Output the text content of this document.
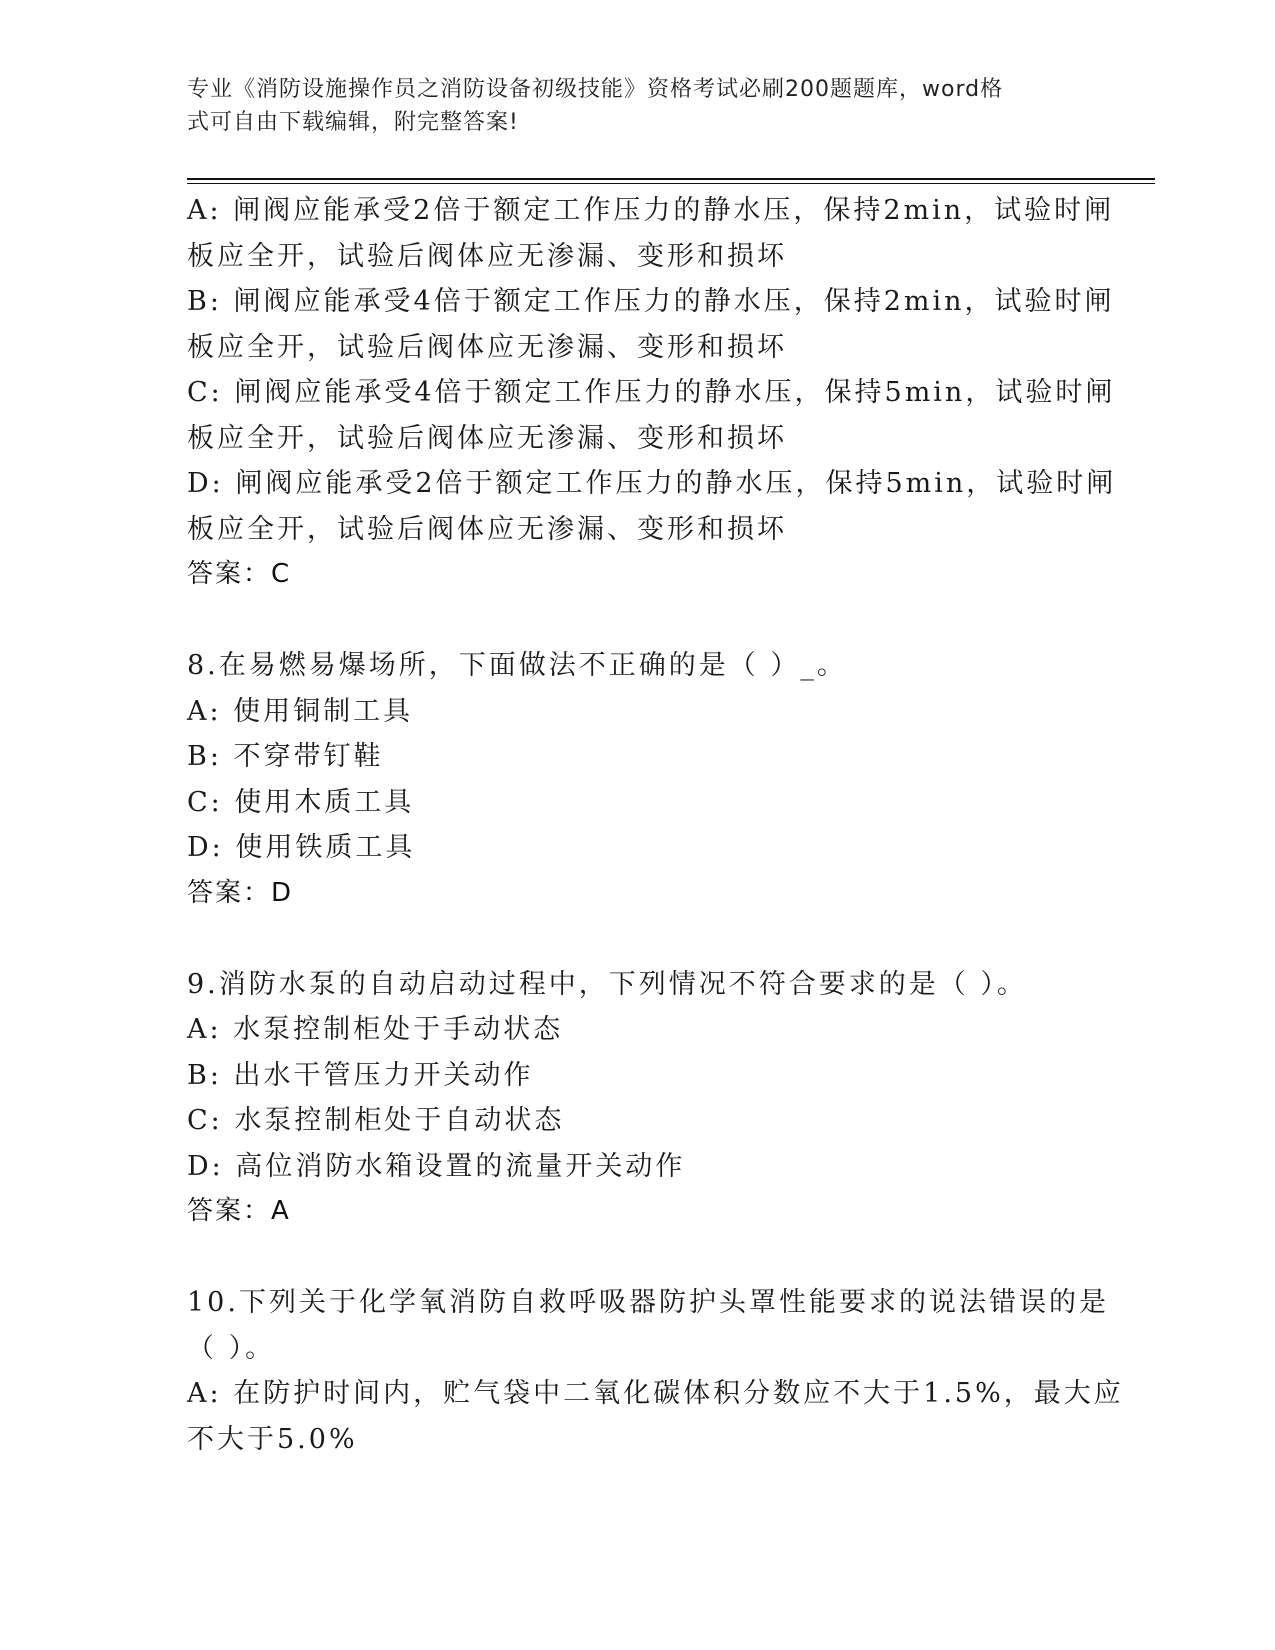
专业《消防设施操作员之消防设备初级技能》资格考试必刷200题题库，word格
式可自由下载编辑，附完整答案!
A: 闸阀应能承受2倍于额定工作压力的静水压，保持2min，试验时闸
板应全开，试验后阀体应无渗漏、变形和损坏
B: 闸阀应能承受4倍于额定工作压力的静水压，保持2min，试验时闸
板应全开，试验后阀体应无渗漏、变形和损坏
C: 闸阀应能承受4倍于额定工作压力的静水压，保持5min，试验时闸
板应全开，试验后阀体应无渗漏、变形和损坏
D: 闸阀应能承受2倍于额定工作压力的静水压，保持5min，试验时闸
板应全开，试验后阀体应无渗漏、变形和损坏
答案：C
8.在易燃易爆场所，下面做法不正确的是（ ）_。
A: 使用铜制工具
B: 不穿带钉鞋
C: 使用木质工具
D: 使用铁质工具
答案：D
9.消防水泵的自动启动过程中，下列情况不符合要求的是（ ）。
A: 水泵控制柜处于手动状态
B: 出水干管压力开关动作
C: 水泵控制柜处于自动状态
D: 高位消防水箱设置的流量开关动作
答案：A
10.下列关于化学氧消防自救呼吸器防护头罩性能要求的说法错误的是
（ ）。
A: 在防护时间内，贮气袋中二氧化碳体积分数应不大于1.5%，最大应
不大于5.0%
